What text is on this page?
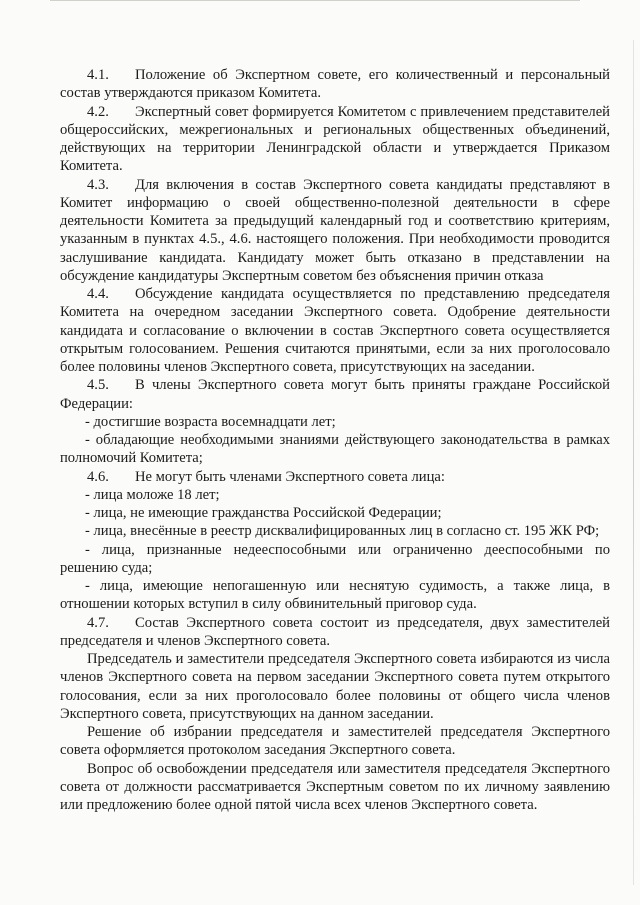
4.1. Положение об Экспертном совете, его количественный и персональный состав утверждаются приказом Комитета.

4.2. Экспертный совет формируется Комитетом с привлечением представителей общероссийских, межрегиональных и региональных общественных объединений, действующих на территории Ленинградской области и утверждается Приказом Комитета.

4.3. Для включения в состав Экспертного совета кандидаты представляют в Комитет информацию о своей общественно-полезной деятельности в сфере деятельности Комитета за предыдущий календарный год и соответствию критериям, указанным в пунктах 4.5., 4.6. настоящего положения. При необходимости проводится заслушивание кандидата. Кандидату может быть отказано в представлении на обсуждение кандидатуры Экспертным советом без объяснения причин отказа

4.4. Обсуждение кандидата осуществляется по представлению председателя Комитета на очередном заседании Экспертного совета. Одобрение деятельности кандидата и согласование о включении в состав Экспертного совета осуществляется открытым голосованием. Решения считаются принятыми, если за них проголосовало более половины членов Экспертного совета, присутствующих на заседании.

4.5. В члены Экспертного совета могут быть приняты граждане Российской Федерации:

- достигшие возраста восемнадцати лет;

- обладающие необходимыми знаниями действующего законодательства в рамках полномочий Комитета;

4.6. Не могут быть членами Экспертного совета лица:

- лица моложе 18 лет;

- лица, не имеющие гражданства Российской Федерации;

- лица, внесённые в реестр дисквалифицированных лиц в согласно ст. 195 ЖК РФ;

- лица, признанные недееспособными или ограниченно дееспособными по решению суда;

- лица, имеющие непогашенную или неснятую судимость, а также лица, в отношении которых вступил в силу обвинительный приговор суда.

4.7. Состав Экспертного совета состоит из председателя, двух заместителей председателя и членов Экспертного совета.

Председатель и заместители председателя Экспертного совета избираются из числа членов Экспертного совета на первом заседании Экспертного совета путем открытого голосования, если за них проголосовало более половины от общего числа членов Экспертного совета, присутствующих на данном заседании.

Решение об избрании председателя и заместителей председателя Экспертного совета оформляется протоколом заседания Экспертного совета.

Вопрос об освобождении председателя или заместителя председателя Экспертного совета от должности рассматривается Экспертным советом по их личному заявлению или предложению более одной пятой числа всех членов Экспертного совета.
